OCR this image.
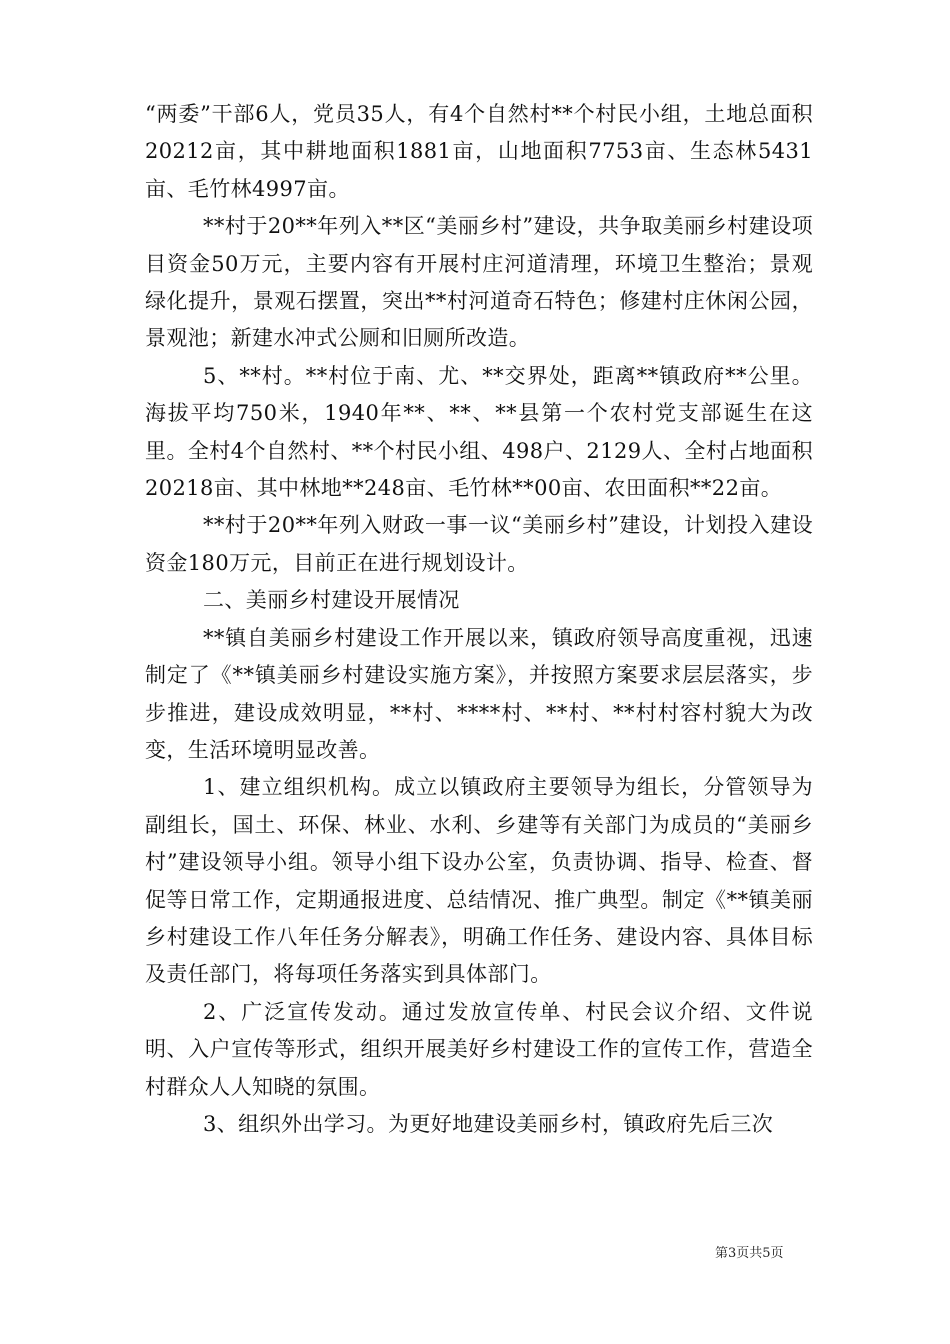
“两委”干部6人，党员35人，有4个自然村**个村民小组，土地总面积20212亩，其中耕地面积1881亩，山地面积7753亩、生态林5431亩、毛竹林4997亩。

**村于20**年列入**区“美丽乡村”建设，共争取美丽乡村建设项目资金50万元，主要内容有开展村庄河道清理，环境卫生整治；景观绿化提升，景观石摆置，突出**村河道奇石特色；修建村庄休闲公园，景观池；新建水冲式公厕和旧厕所改造。

5、**村。**村位于南、尤、**交界处，距离**镇政府**公里。海拔平均750米，1940年**、**、**县第一个农村党支部诞生在这里。全村4个自然村、**个村民小组、498户、2129人、全村占地面积20218亩、其中林地**248亩、毛竹林**00亩、农田面积**22亩。

**村于20**年列入财政一事一议“美丽乡村”建设，计划投入建设资金180万元，目前正在进行规划设计。

二、美丽乡村建设开展情况

**镇自美丽乡村建设工作开展以来，镇政府领导高度重视，迅速制定了《**镇美丽乡村建设实施方案》，并按照方案要求层层落实，步步推进，建设成效明显，**村、****村、**村、**村村容村貌大为改变，生活环境明显改善。

1、建立组织机构。成立以镇政府主要领导为组长，分管领导为副组长，国土、环保、林业、水利、乡建等有关部门为成员的“美丽乡村”建设领导小组。领导小组下设办公室，负责协调、指导、检查、督促等日常工作，定期通报进度、总结情况、推广典型。制定《**镇美丽乡村建设工作八年任务分解表》，明确工作任务、建设内容、具体目标及责任部门，将每项任务落实到具体部门。

2、广泛宣传发动。通过发放宣传单、村民会议介绍、文件说明、入户宣传等形式，组织开展美好乡村建设工作的宣传工作，营造全村群众人人知晓的氛围。

3、组织外出学习。为更好地建设美丽乡村，镇政府先后三次

第3页共5页
